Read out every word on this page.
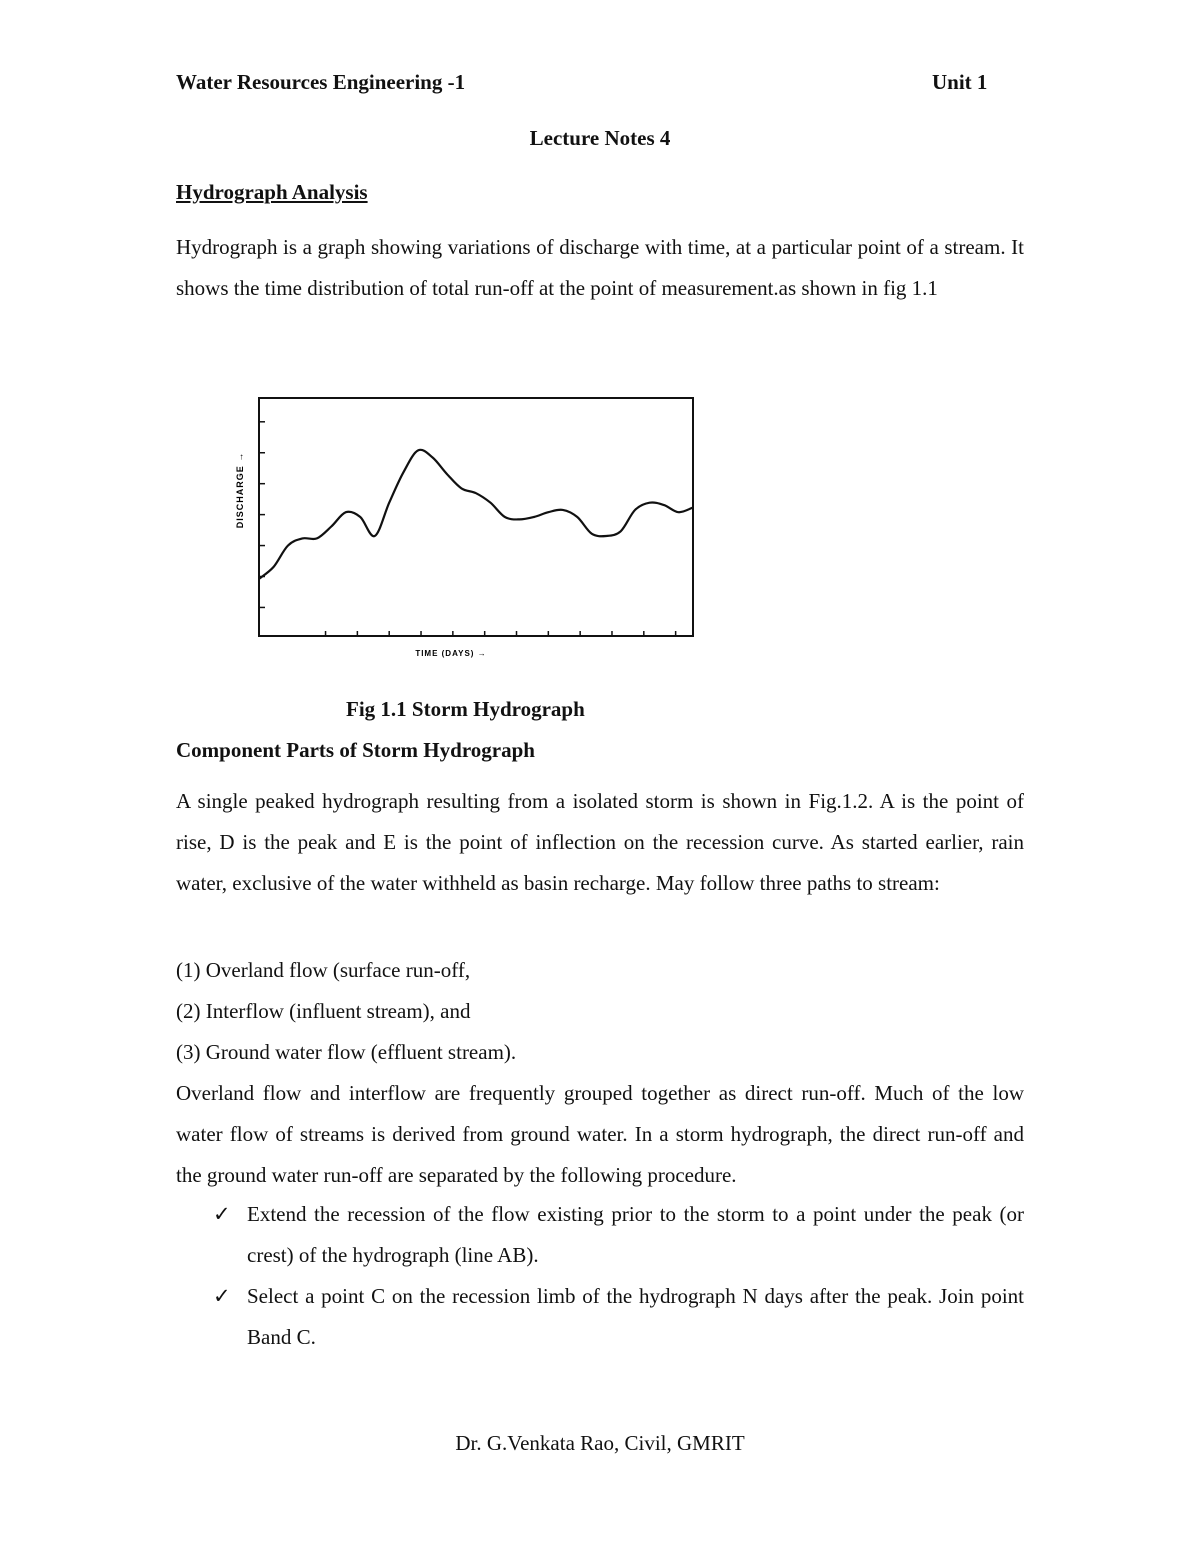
Water Resources Engineering -1	Unit 1
Lecture Notes 4
Hydrograph Analysis
Hydrograph is a graph showing variations of discharge with time, at a particular point of a stream. It shows the time distribution of total run-off at the point of measurement.as shown in fig 1.1
DISCHARGE →
TIME (DAYS) →
Fig 1.1 Storm Hydrograph
Component Parts of Storm Hydrograph
A single peaked hydrograph resulting from a isolated storm is shown in Fig.1.2. A is the point of rise, D is the peak and E is the point of inflection on the recession curve. As started earlier, rain water, exclusive of the water withheld as basin recharge. May follow three paths to stream:
(1) Overland flow (surface run-off,
(2) Interflow (influent stream), and
(3) Ground water flow (effluent stream).
Overland flow and interflow are frequently grouped together as direct run-off. Much of the low water flow of streams is derived from ground water. In a storm hydrograph, the direct run-off and the ground water run-off are separated by the following procedure.
✓ Extend the recession of the flow existing prior to the storm to a point under the peak (or crest) of the hydrograph (line AB).
✓ Select a point C on the recession limb of the hydrograph N days after the peak. Join point Band C.
Dr. G.Venkata Rao, Civil, GMRIT
